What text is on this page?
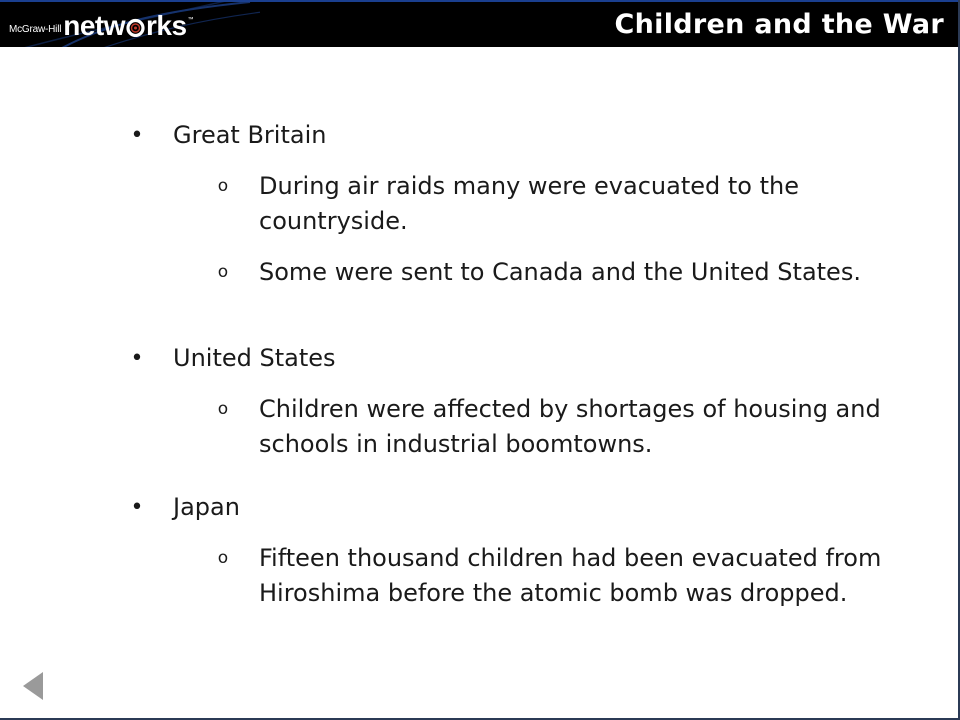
McGraw-Hill netw rks ™	Children and the War
• Great Britain
o During air raids many were evacuated to the countryside.
o Some were sent to Canada and the United States.
• United States
o Children were affected by shortages of housing and schools in industrial boomtowns.
• Japan
o Fifteen thousand children had been evacuated from Hiroshima before the atomic bomb was dropped.
